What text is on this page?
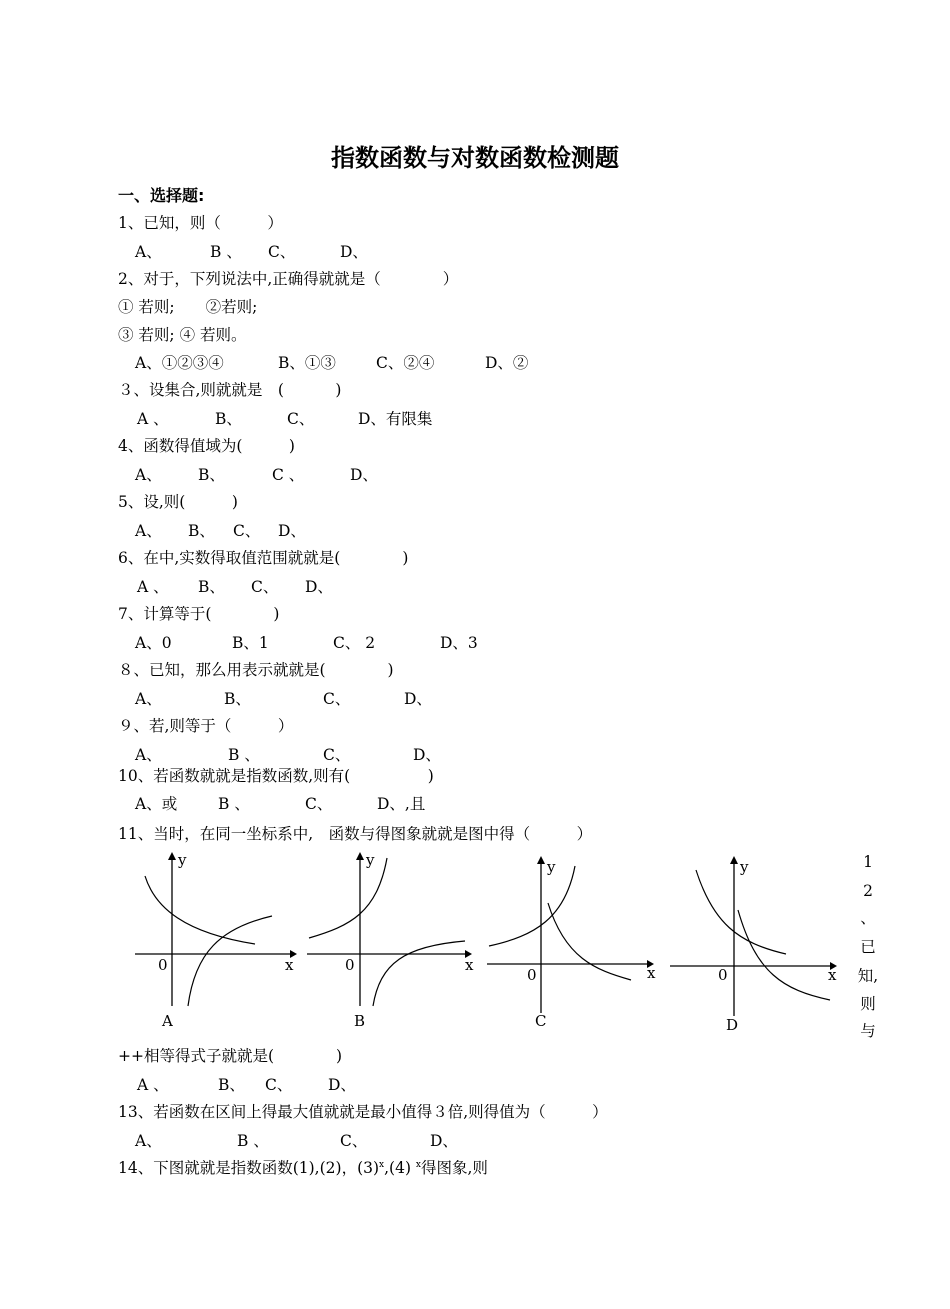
指数函数与对数函数检测题
一、选择题:
1、已知，则（　　　）
A、	B 、 C、	D、
2、对于，下列说法中,正确得就就是（　　　　）
① 若则;　　②若则;
③ 若则; ④ 若则。
A、①②③④	B、①③	C、②④	D、②
３、设集合,则就就是　(　　　 )
A 、	B、	C、	D、有限集
4、函数得值域为(　　　)
A、 B、	C 、	D、
5、设,则(　　　)
A、 B、 C、 D、
6、在中,实数得取值范围就就是(　　　　)
A 、 B、 C、 D、
7、计算等于(　　　　)
A、0	B、1	C、 2	D、3
８、已知，那么用表示就就是(　　　　)
A、	B、	C、	D、
９、若,则等于（　　　）
A、	B 、	C、	D、
10、若函数就就是指数函数,则有(　　　　　)
A、或	B 、	C、	D、,且
11、当时，在同一坐标系中,　函数与得图象就就是图中得（　　　）
y
x
0
A
y
x
0
B
y
x
0
C
y
x
0
D
1
2
、
已
知,
则
与
++相等得式子就就是(　　　　)
A 、	B、 C、 D、
13、若函数在区间上得最大值就就是最小值得３倍,则得值为（　　　）
A、	B 、	C、	D、
14、下图就就是指数函数(1),(2)，$(3)^x,(4)$ $^x$得图象,则
